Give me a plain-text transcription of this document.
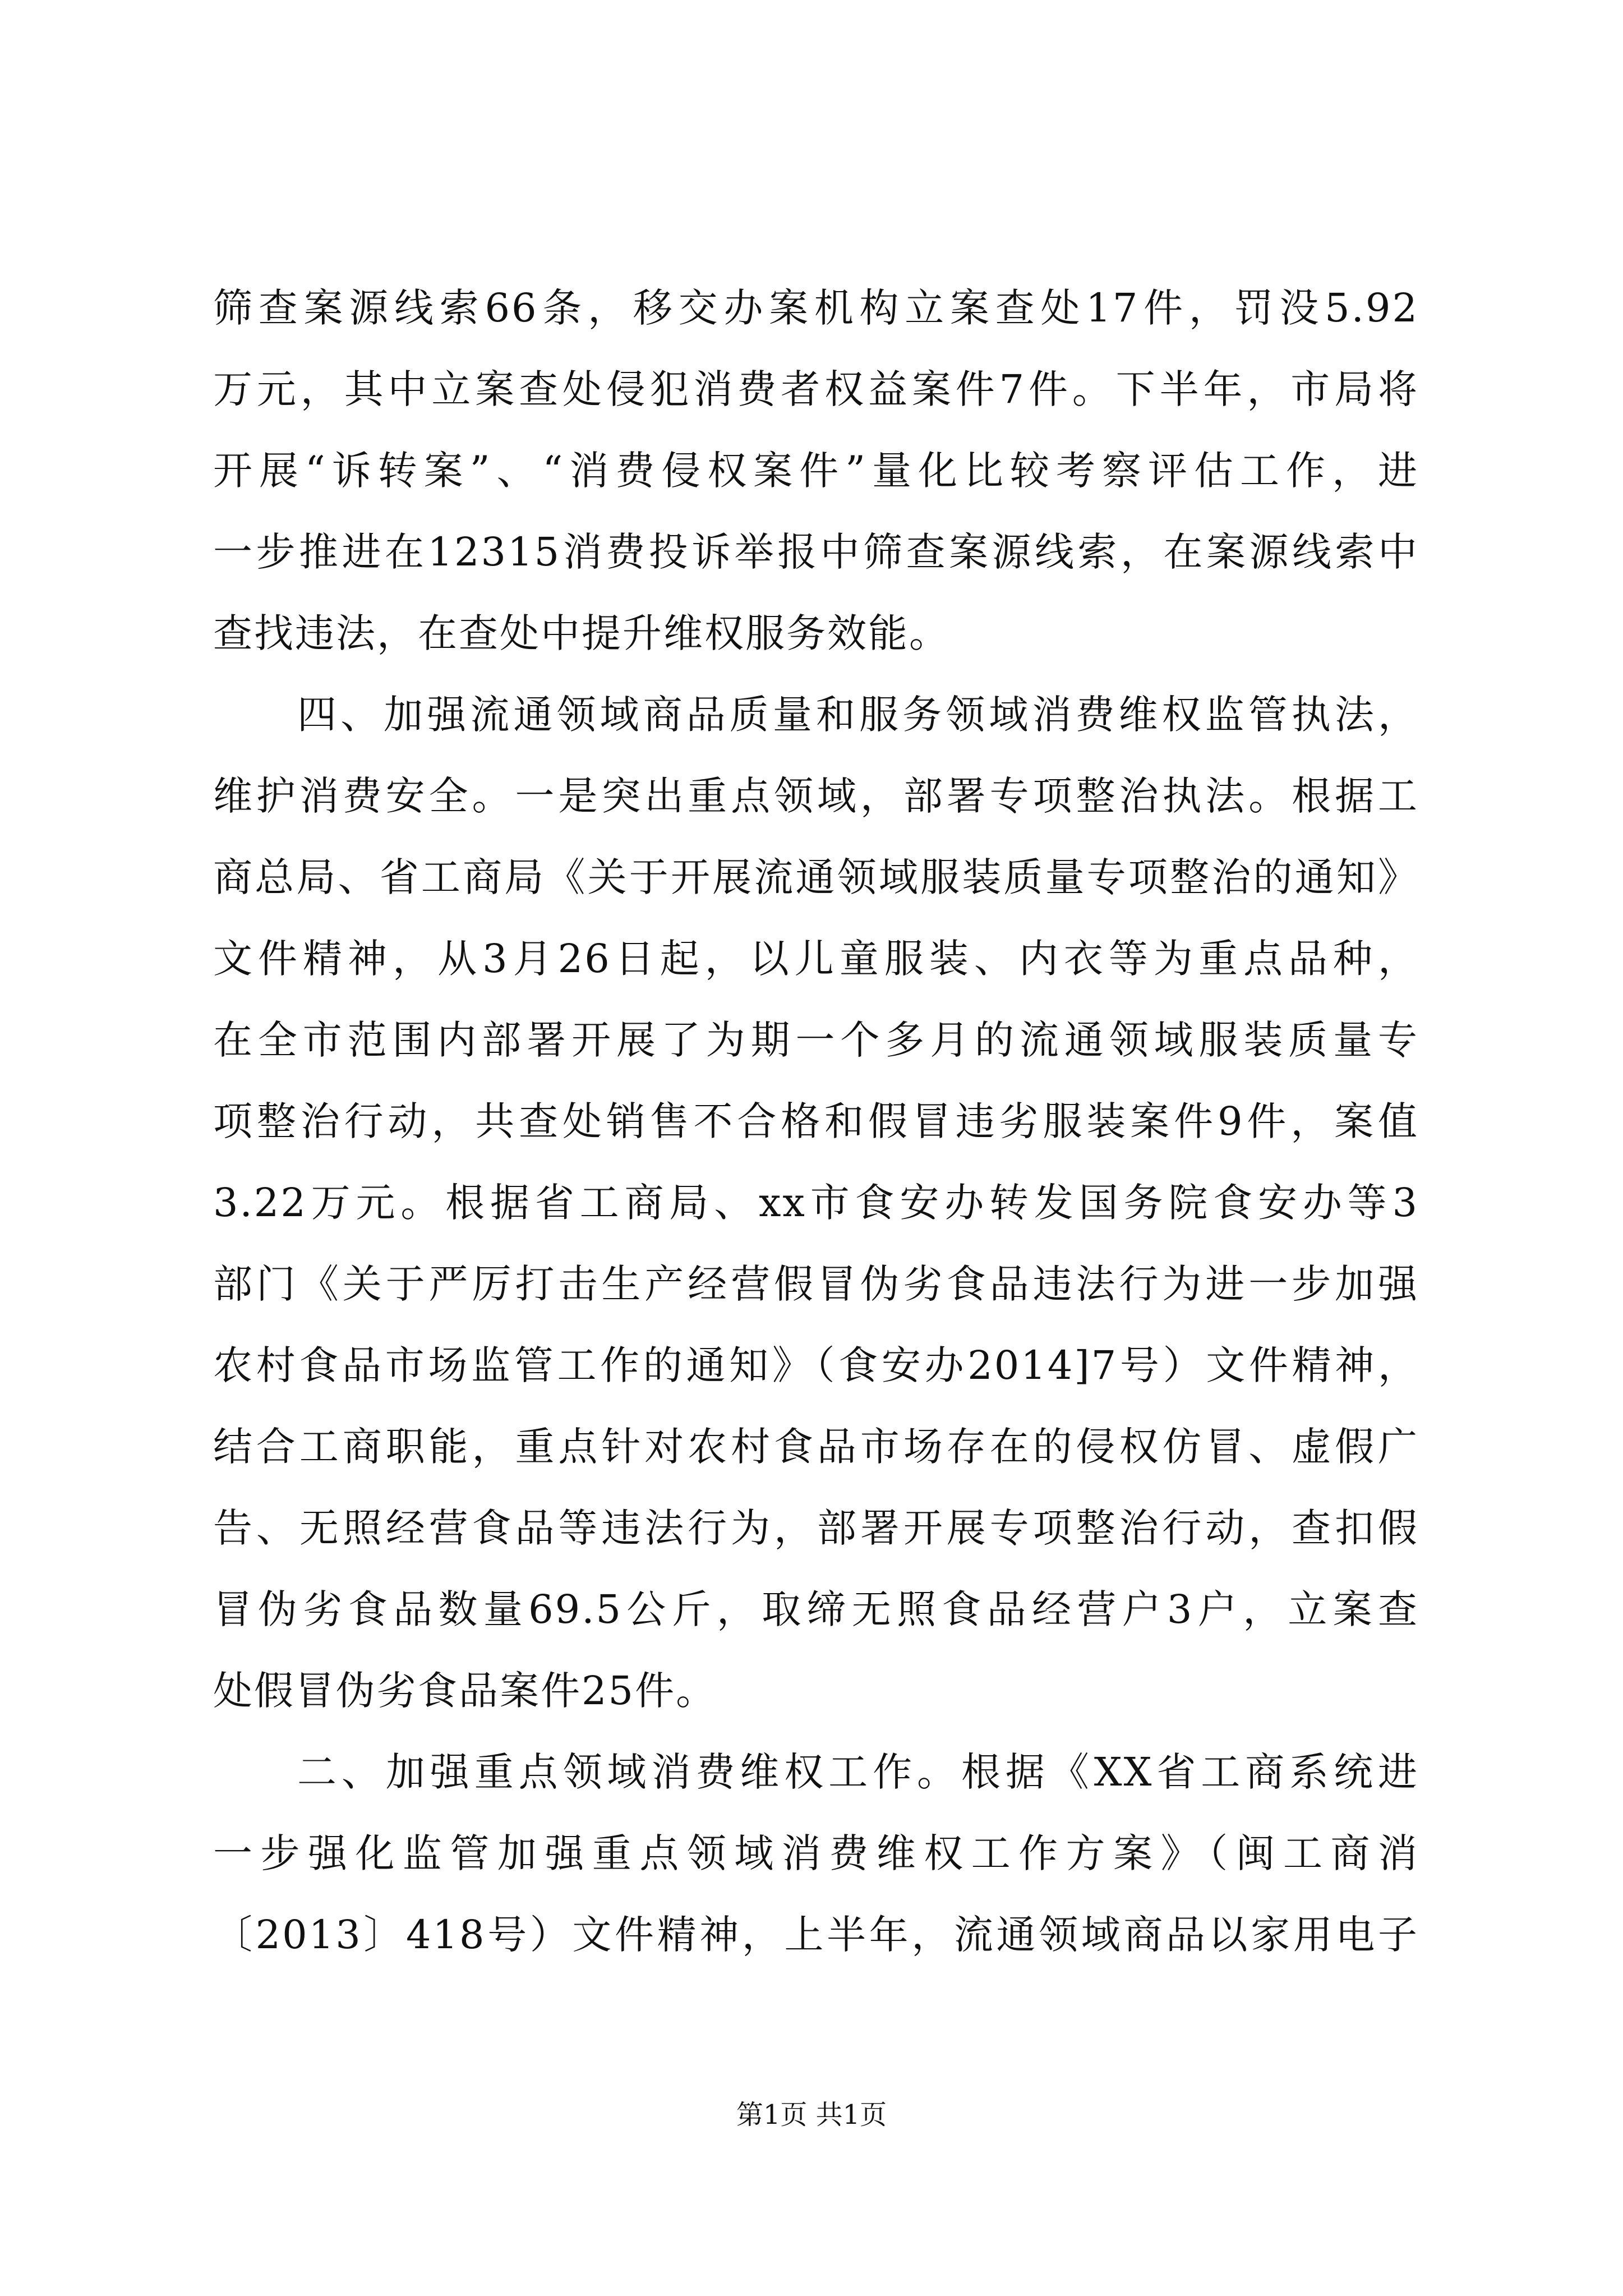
筛查案源线索66条，移交办案机构立案查处17件，罚没5.92
万元，其中立案查处侵犯消费者权益案件7件。下半年，市局将
开展“诉转案”、“消费侵权案件”量化比较考察评估工作，进
一步推进在12315消费投诉举报中筛查案源线索，在案源线索中
查找违法，在查处中提升维权服务效能。
四、加强流通领域商品质量和服务领域消费维权监管执法，
维护消费安全。一是突出重点领域，部署专项整治执法。根据工
商总局、省工商局《关于开展流通领域服装质量专项整治的通知》
文件精神，从3月26日起，以儿童服装、内衣等为重点品种，
在全市范围内部署开展了为期一个多月的流通领域服装质量专
项整治行动，共查处销售不合格和假冒违劣服装案件9件，案值
3.22万元。根据省工商局、xx市食安办转发国务院食安办等3
部门《关于严厉打击生产经营假冒伪劣食品违法行为进一步加强
农村食品市场监管工作的通知》（食安办2014]7号）文件精神，
结合工商职能，重点针对农村食品市场存在的侵权仿冒、虚假广
告、无照经营食品等违法行为，部署开展专项整治行动，查扣假
冒伪劣食品数量69.5公斤，取缔无照食品经营户3户，立案查
处假冒伪劣食品案件25件。
二、加强重点领域消费维权工作。根据《XX省工商系统进
一步强化监管加强重点领域消费维权工作方案》（闽工商消
〔2013〕418号）文件精神，上半年，流通领域商品以家用电子
第1页 共1页
